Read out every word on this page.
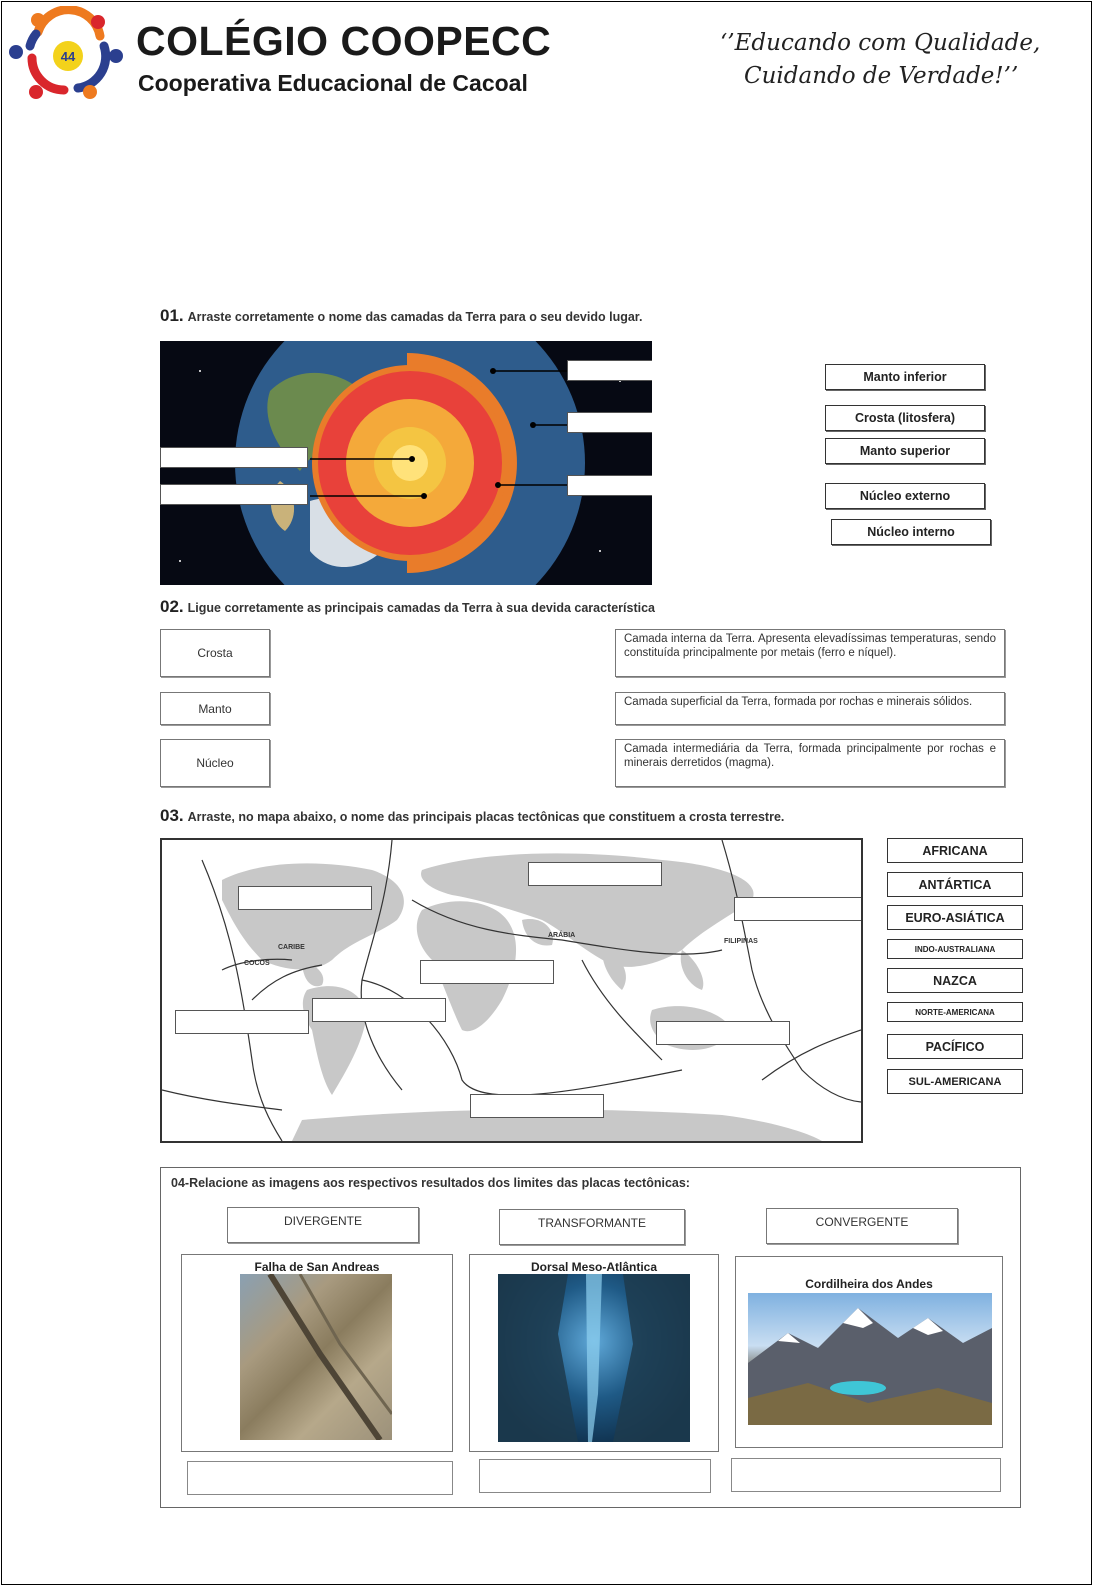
44 COLÉGIO COOPECC
Cooperativa Educacional de Cacoal
‘’Educando com Qualidade,
Cuidando de Verdade!’’
01. Arraste corretamente o nome das camadas da Terra para o seu devido lugar.
Manto inferior
Crosta (litosfera)
Manto superior
Núcleo externo
Núcleo interno
02. Ligue corretamente as principais camadas da Terra à sua devida característica
Crosta
Manto
Núcleo
Camada interna da Terra. Apresenta elevadíssimas temperaturas, sendo constituída principalmente por metais (ferro e níquel).
Camada superficial da Terra, formada por rochas e minerais sólidos.
Camada intermediária da Terra, formada principalmente por rochas e minerais derretidos (magma).
03. Arraste, no mapa abaixo, o nome das principais placas tectônicas que constituem a crosta terrestre.
ARÁBIA
CARIBE
COCOS
FILIPINAS
AFRICANA
ANTÁRTICA
EURO-ASIÁTICA
INDO-AUSTRALIANA
NAZCA
NORTE-AMERICANA
PACÍFICO
SUL-AMERICANA
04-Relacione as imagens aos respectivos resultados dos limites das placas tectônicas:
DIVERGENTE	TRANSFORMANTE	CONVERGENTE
Falha de San Andreas	Dorsal Meso-Atlântica
Cordilheira dos Andes
